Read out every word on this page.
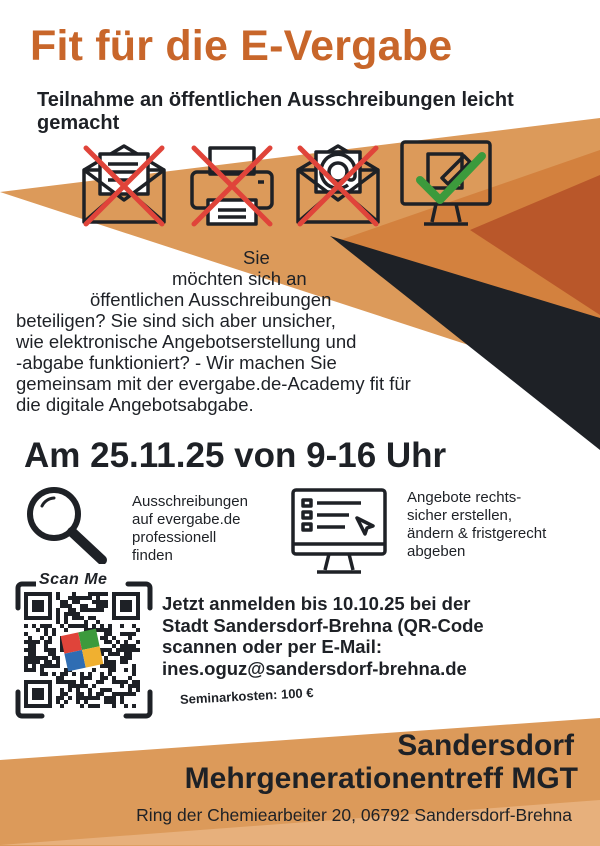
Fit für die E-Vergabe
Teilnahme an öffentlichen Ausschreibungen leicht gemacht
Sie
möchten sich an
öffentlichen Ausschreibungen
beteiligen? Sie sind sich aber unsicher,
wie elektronische Angebotserstellung und
-abgabe funktioniert? - Wir machen Sie
gemeinsam mit der evergabe.de-Academy fit für
die digitale Angebotsabgabe.
Am 25.11.25 von 9-16 Uhr
Ausschreibungen
auf evergabe.de
professionell
finden
Angebote rechts-
sicher erstellen,
ändern & fristgerecht
abgeben
Scan Me
Jetzt anmelden bis 10.10.25 bei der
Stadt Sandersdorf-Brehna (QR-Code
scannen oder per E-Mail:
ines.oguz@sandersdorf-brehna.de
Seminarkosten: 100 €
Sandersdorf
Mehrgenerationentreff MGT
Ring der Chemiearbeiter 20, 06792 Sandersdorf-Brehna
